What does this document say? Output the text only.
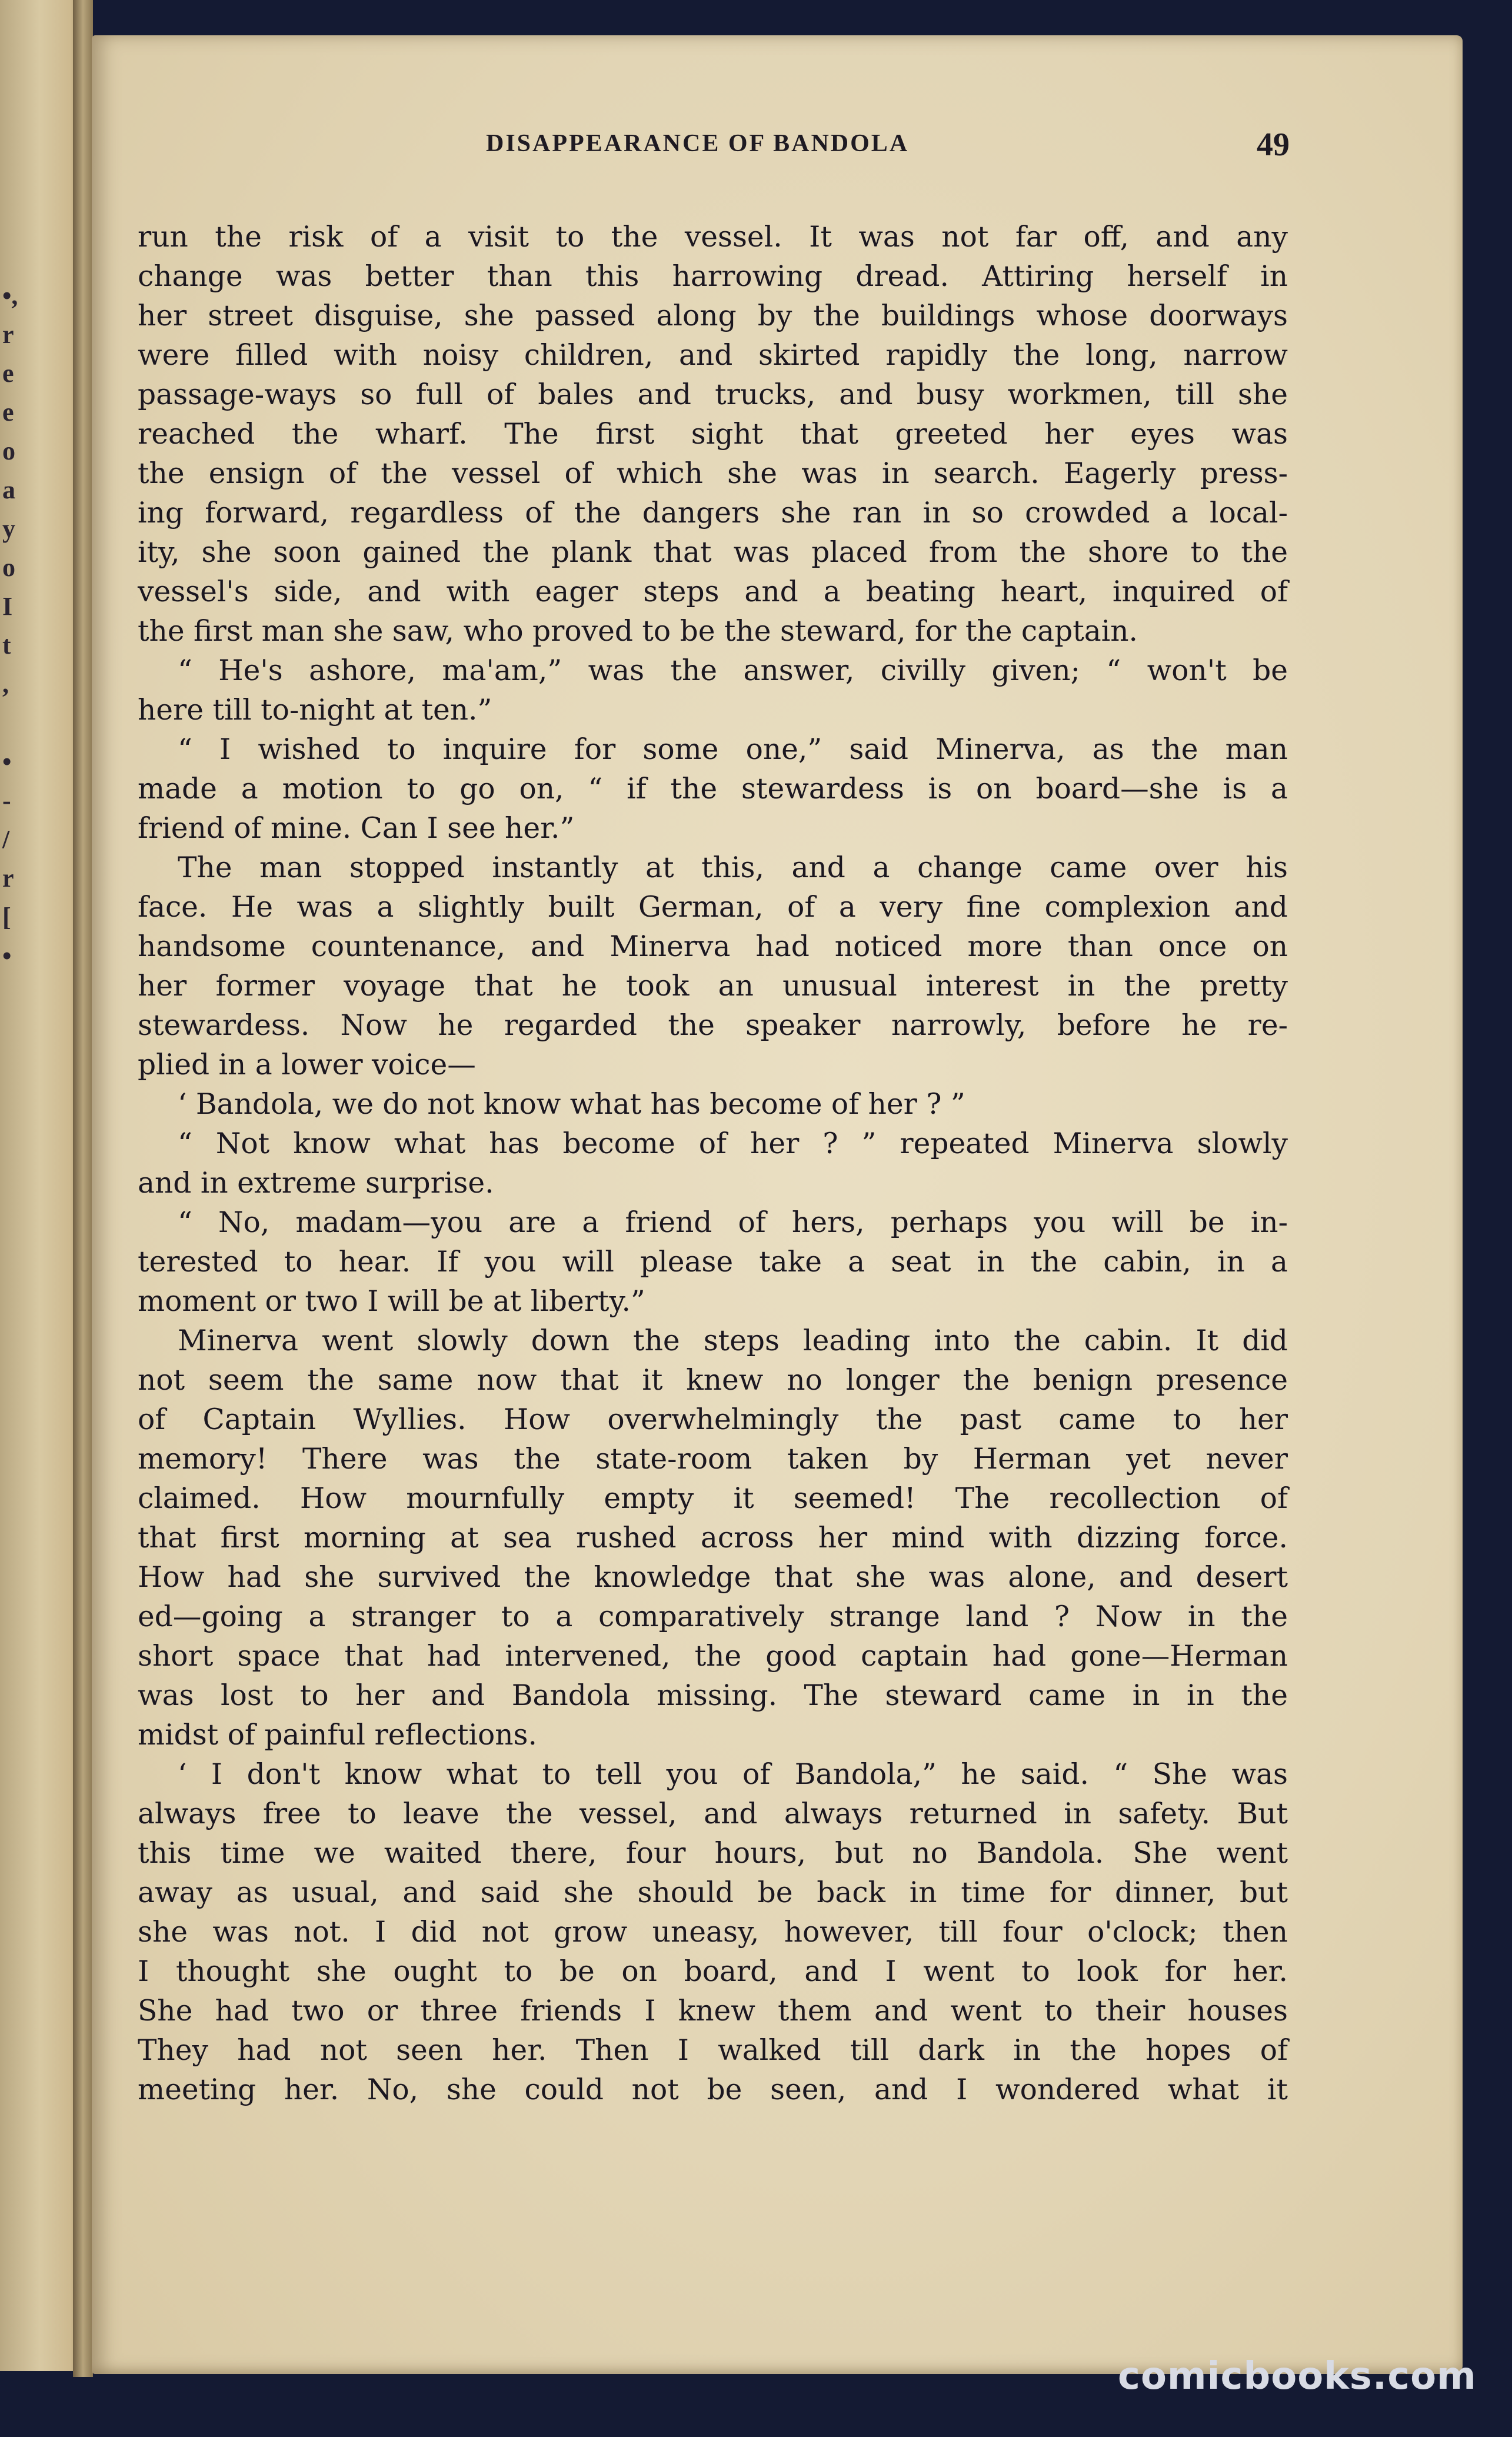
•,
r
e
e
o
a
y
o
I
t
,

•
-
/
r
[
•
DISAPPEARANCE OF BANDOLA	49
run the risk of a visit to the vessel. It was not far off, and any
change was better than this harrowing dread. Attiring herself in
her street disguise, she passed along by the buildings whose doorways
were filled with noisy children, and skirted rapidly the long, narrow
passage-ways so full of bales and trucks, and busy workmen, till she
reached the wharf. The first sight that greeted her eyes was
the ensign of the vessel of which she was in search. Eagerly press-
ing forward, regardless of the dangers she ran in so crowded a local-
ity, she soon gained the plank that was placed from the shore to the
vessel's side, and with eager steps and a beating heart, inquired of
the first man she saw, who proved to be the steward, for the captain.
“ He's ashore, ma'am,” was the answer, civilly given; “ won't be
here till to-night at ten.”
“ I wished to inquire for some one,” said Minerva, as the man
made a motion to go on, “ if the stewardess is on board—she is a
friend of mine. Can I see her.”
The man stopped instantly at this, and a change came over his
face. He was a slightly built German, of a very fine complexion and
handsome countenance, and Minerva had noticed more than once on
her former voyage that he took an unusual interest in the pretty
stewardess. Now he regarded the speaker narrowly, before he re-
plied in a lower voice—
‘ Bandola, we do not know what has become of her ? ”
“ Not know what has become of her ? ” repeated Minerva slowly
and in extreme surprise.
“ No, madam—you are a friend of hers, perhaps you will be in-
terested to hear. If you will please take a seat in the cabin, in a
moment or two I will be at liberty.”
Minerva went slowly down the steps leading into the cabin. It did
not seem the same now that it knew no longer the benign presence
of Captain Wyllies. How overwhelmingly the past came to her
memory! There was the state-room taken by Herman yet never
claimed. How mournfully empty it seemed! The recollection of
that first morning at sea rushed across her mind with dizzing force.
How had she survived the knowledge that she was alone, and desert
ed—going a stranger to a comparatively strange land ? Now in the
short space that had intervened, the good captain had gone—Herman
was lost to her and Bandola missing. The steward came in in the
midst of painful reflections.
‘ I don't know what to tell you of Bandola,” he said. “ She was
always free to leave the vessel, and always returned in safety. But
this time we waited there, four hours, but no Bandola. She went
away as usual, and said she should be back in time for dinner, but
she was not. I did not grow uneasy, however, till four o'clock; then
I thought she ought to be on board, and I went to look for her.
She had two or three friends I knew them and went to their houses
They had not seen her. Then I walked till dark in the hopes of
meeting her. No, she could not be seen, and I wondered what it
comicbooks.com
